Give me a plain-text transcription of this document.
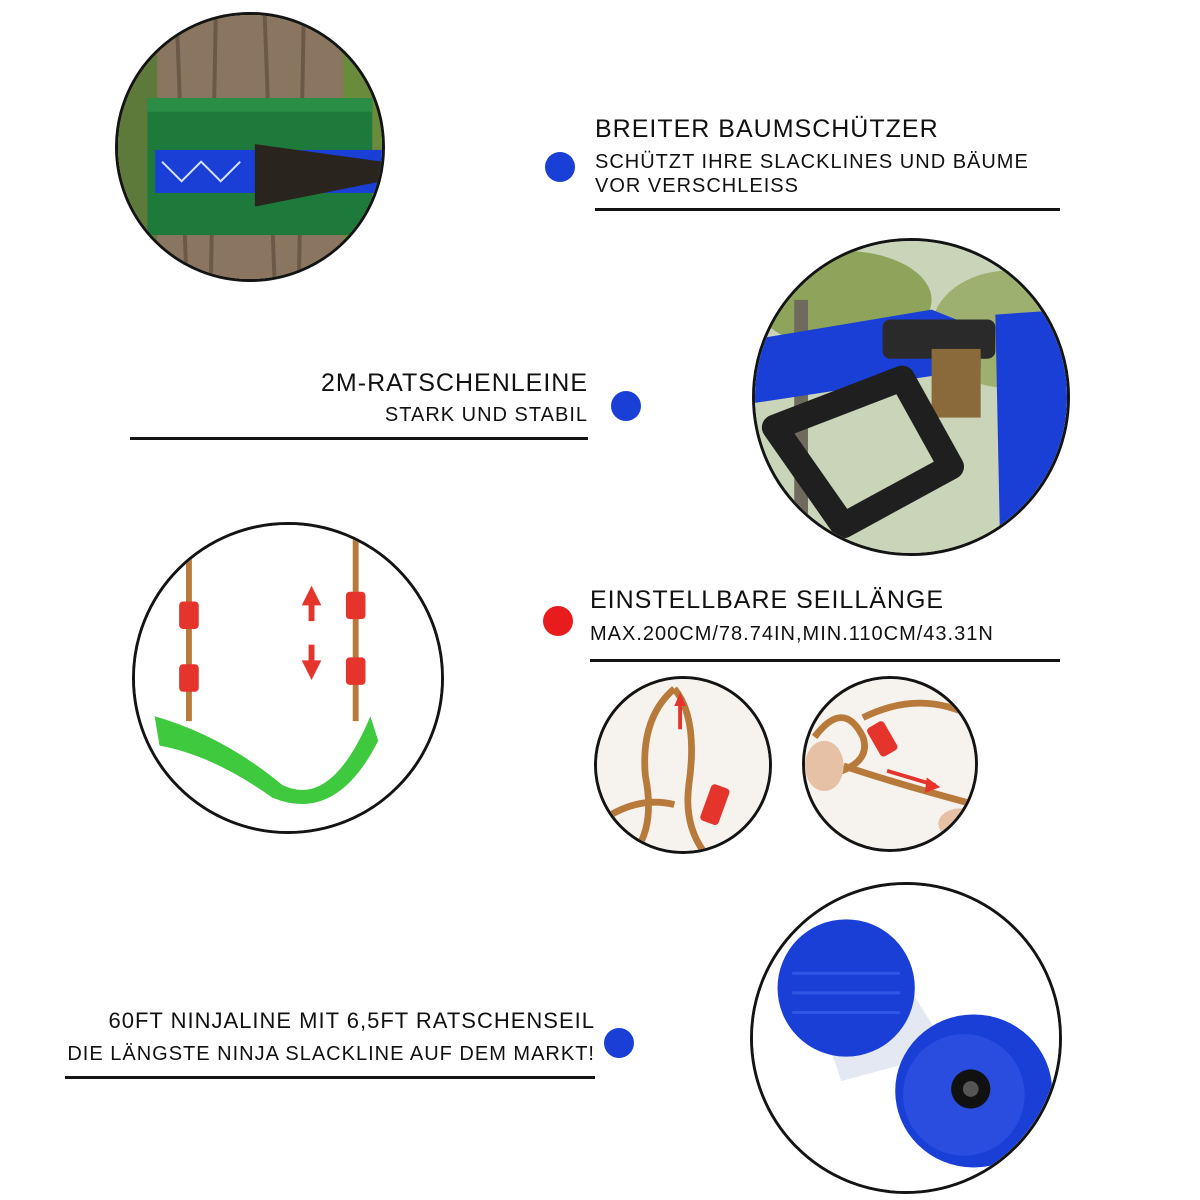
BREITER BAUMSCHÜTZER
SCHÜTZT IHRE SLACKLINES UND BÄUME
VOR VERSCHLEISS
2M-RATSCHENLEINE
STARK UND STABIL
EINSTELLBARE SEILLÄNGE
MAX.200CM/78.74IN,MIN.110CM/43.31N
60FT NINJALINE MIT 6,5FT RATSCHENSEIL
DIE LÄNGSTE NINJA SLACKLINE AUF DEM MARKT!
